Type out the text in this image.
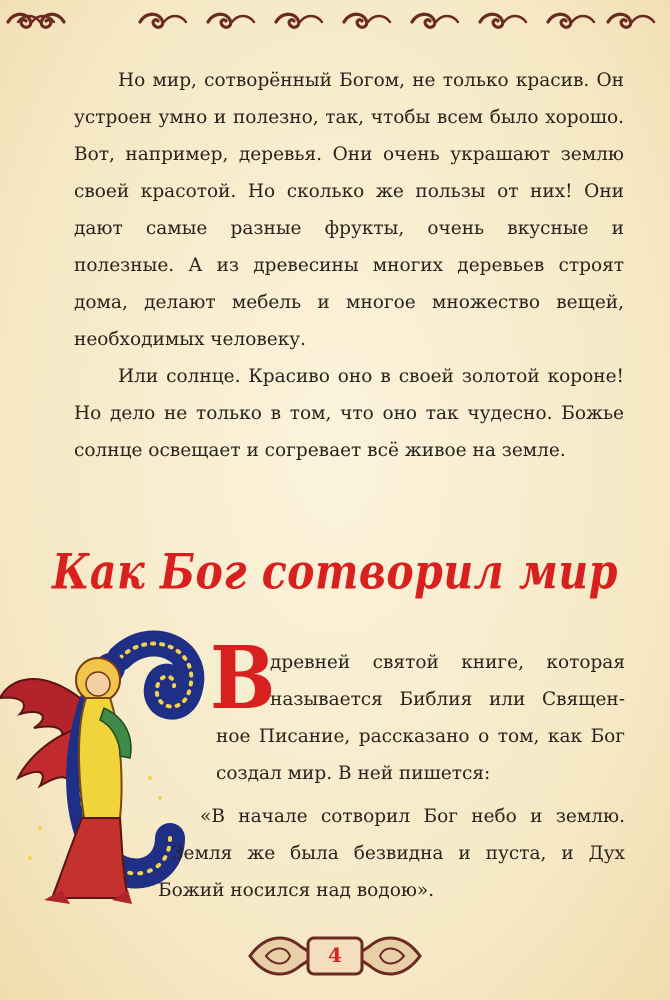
Но мир, сотворённый Богом, не только красив. Он устроен умно и полезно, так, чтобы всем было хорошо. Вот, например, деревья. Они очень украшают землю своей красотой. Но сколько же пользы от них! Они дают самые разные фрукты, очень вкусные и полезные. А из древесины многих деревьев строят дома, делают мебель и многое множество вещей, необходимых человеку.

Или солнце. Красиво оно в своей золотой короне! Но дело не только в том, что оно так чудесно. Божье солнце освещает и согревает всё живое на земле.

Как Бог сотворил мир
В
древней святой книге, которая
называется Библия или Священ-
ное Писание, рассказано о том, как Бог
создал мир. В ней пишется:
«В начале сотворил Бог небо и землю.
Земля же была безвидна и пуста, и Дух
Божий носился над водою».
4
